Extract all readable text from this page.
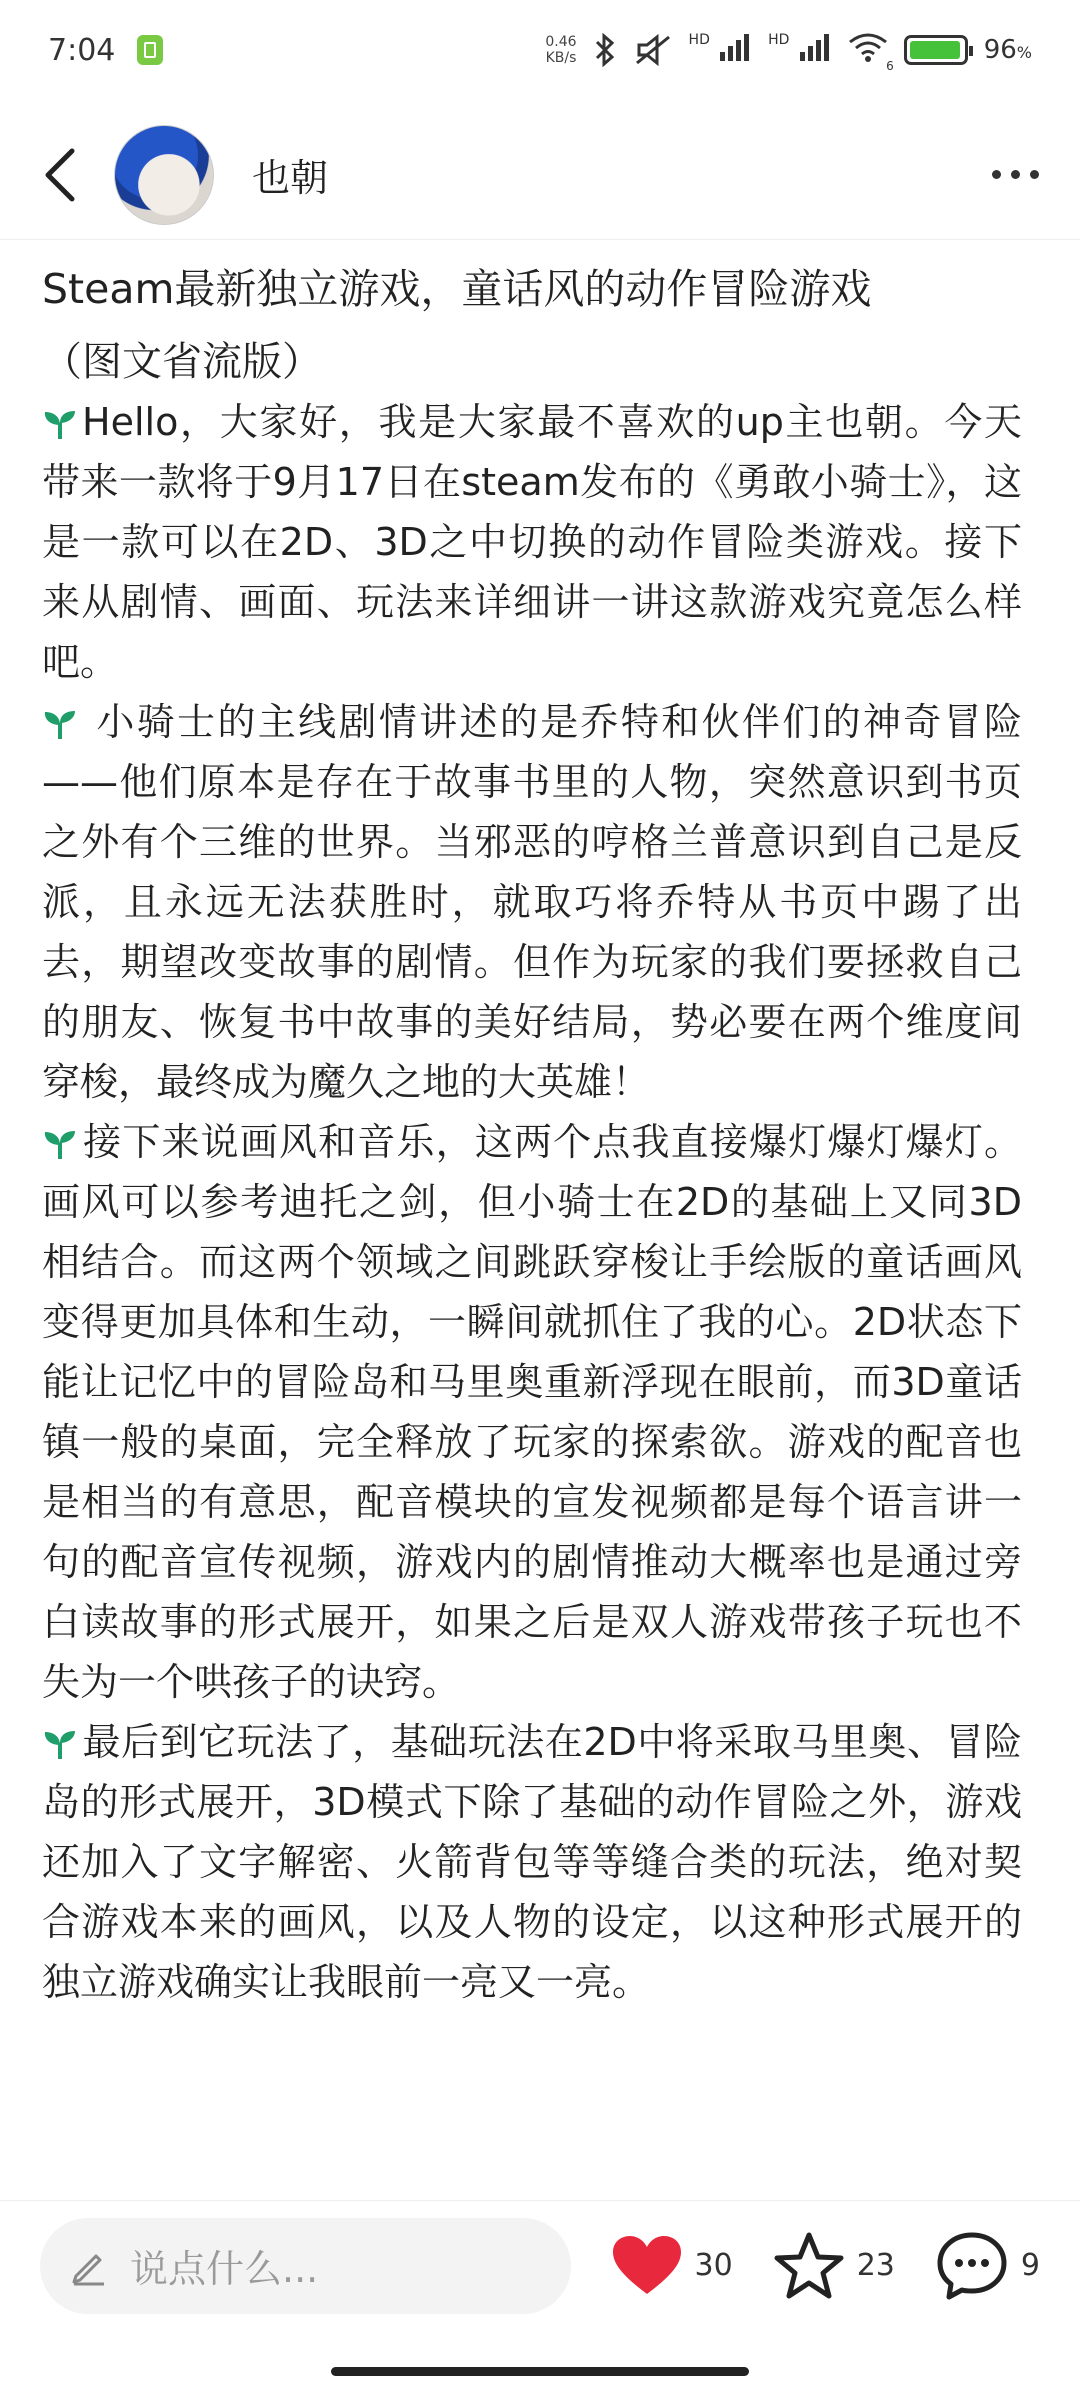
7:04	0.46
KB/s
$^{HD}$	$^{HD}$
6
96%
也朝
Steam最新独立游戏，童话风的动作冒险游戏
（图文省流版）

Hello，大家好，我是大家最不喜欢的up主也朝。今天带来一款将于9月17日在steam发布的《勇敢小骑士》，这是一款可以在2D、3D之中切换的动作冒险类游戏。接下来从剧情、画面、玩法来详细讲一讲这款游戏究竟怎么样吧。

小骑士的主线剧情讲述的是乔特和伙伴们的神奇冒险——他们原本是存在于故事书里的人物，突然意识到书页之外有个三维的世界。当邪恶的哼格兰普意识到自己是反派，且永远无法获胜时，就取巧将乔特从书页中踢了出去，期望改变故事的剧情。但作为玩家的我们要拯救自己的朋友、恢复书中故事的美好结局，势必要在两个维度间穿梭，最终成为魔久之地的大英雄！

接下来说画风和音乐，这两个点我直接爆灯爆灯爆灯。画风可以参考迪托之剑，但小骑士在2D的基础上又同3D相结合。而这两个领域之间跳跃穿梭让手绘版的童话画风变得更加具体和生动，一瞬间就抓住了我的心。2D状态下能让记忆中的冒险岛和马里奥重新浮现在眼前，而3D童话镇一般的桌面，完全释放了玩家的探索欲。游戏的配音也是相当的有意思，配音模块的宣发视频都是每个语言讲一句的配音宣传视频，游戏内的剧情推动大概率也是通过旁白读故事的形式展开，如果之后是双人游戏带孩子玩也不失为一个哄孩子的诀窍。

最后到它玩法了，基础玩法在2D中将采取马里奥、冒险岛的形式展开，3D模式下除了基础的动作冒险之外，游戏还加入了文字解密、火箭背包等等缝合类的玩法，绝对契合游戏本来的画风，以及人物的设定，以这种形式展开的独立游戏确实让我眼前一亮又一亮。

说点什么...	30	23	9
